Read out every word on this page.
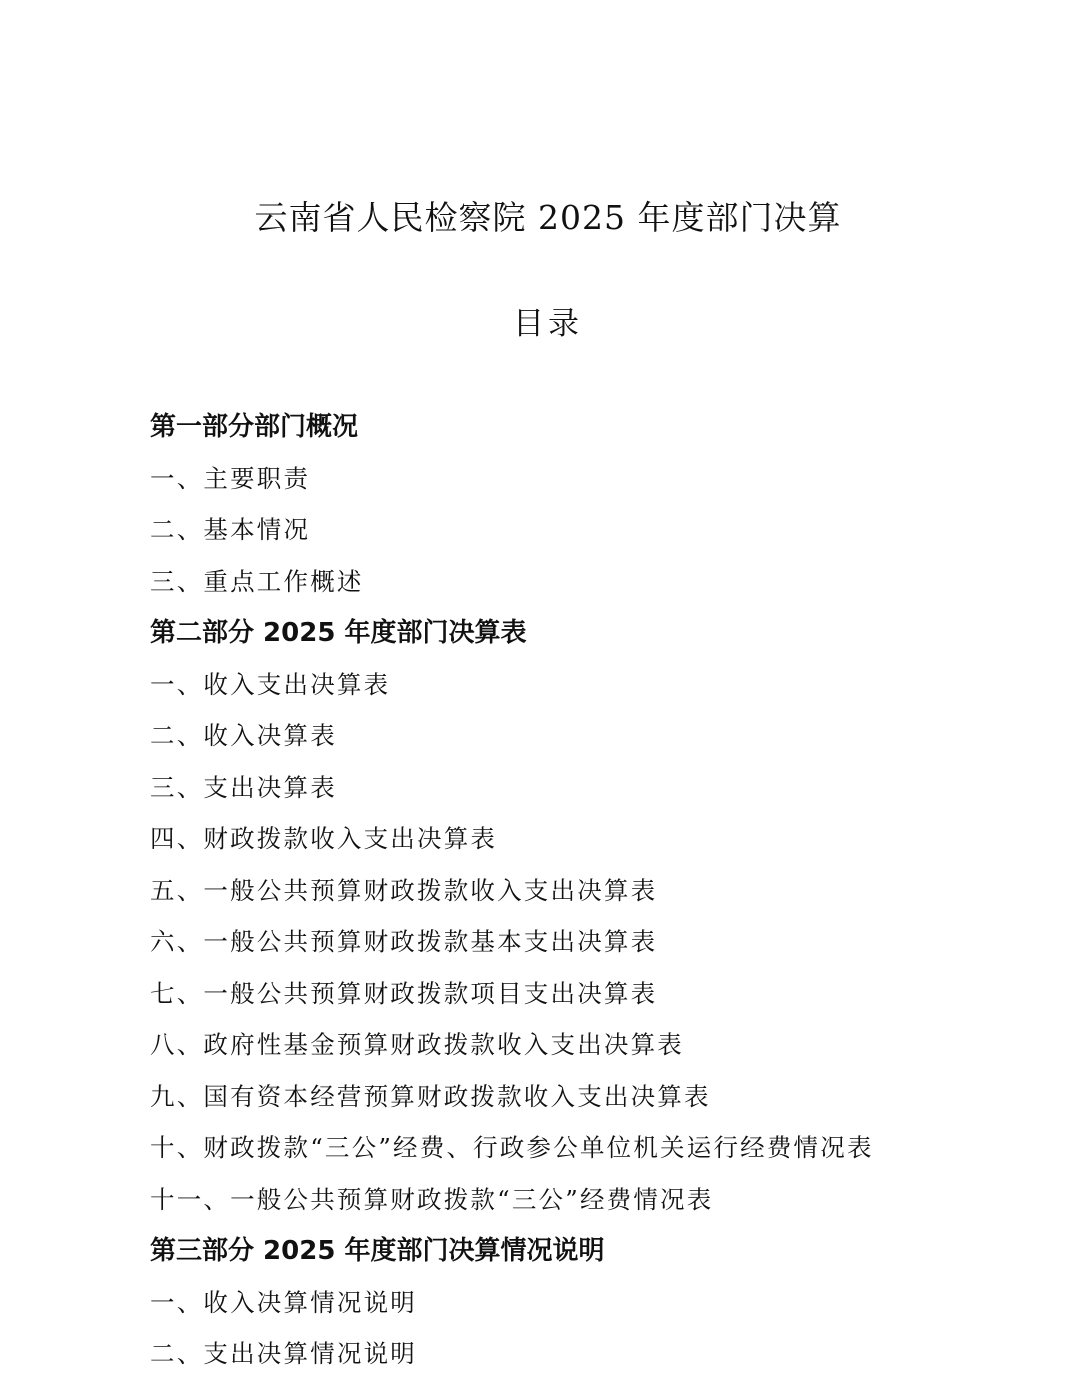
云南省人民检察院 2025 年度部门决算
目录
第一部分部门概况
一、主要职责
二、基本情况
三、重点工作概述
第二部分 2025 年度部门决算表
一、收入支出决算表
二、收入决算表
三、支出决算表
四、财政拨款收入支出决算表
五、一般公共预算财政拨款收入支出决算表
六、一般公共预算财政拨款基本支出决算表
七、一般公共预算财政拨款项目支出决算表
八、政府性基金预算财政拨款收入支出决算表
九、国有资本经营预算财政拨款收入支出决算表
十、财政拨款“三公”经费、行政参公单位机关运行经费情况表
十一、一般公共预算财政拨款“三公”经费情况表
第三部分 2025 年度部门决算情况说明
一、收入决算情况说明
二、支出决算情况说明
